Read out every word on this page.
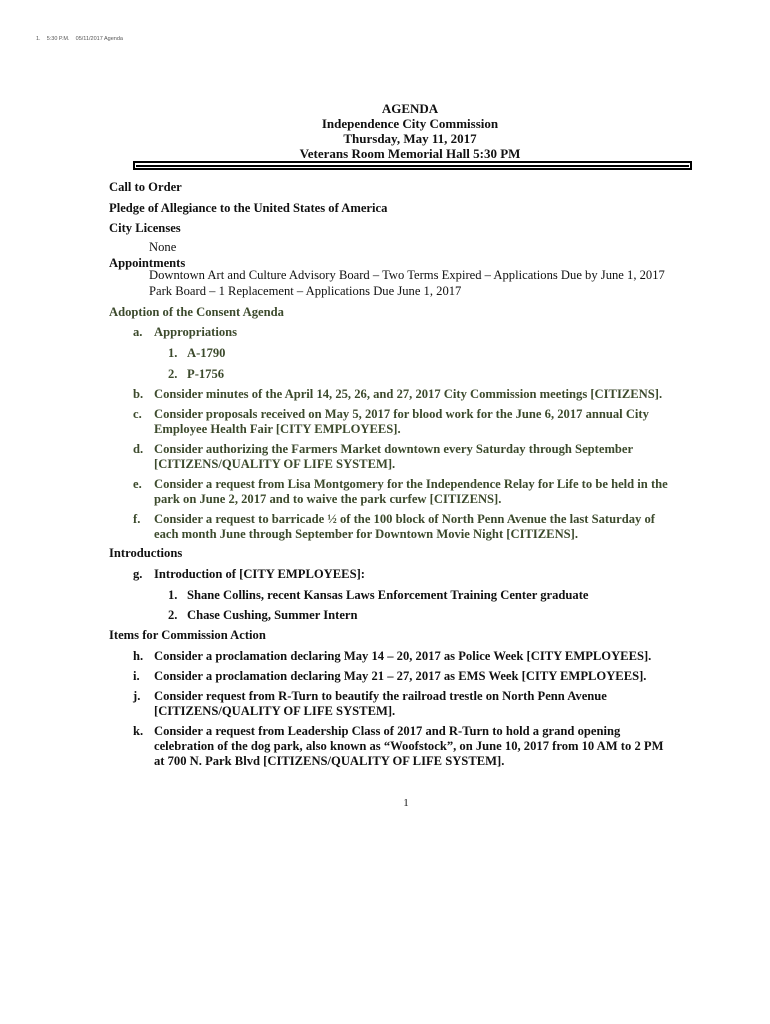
1.    5:30 P.M.    05/11/2017 Agenda
AGENDA
Independence City Commission
Thursday, May 11, 2017
Veterans Room Memorial Hall 5:30 PM
Call to Order
Pledge of Allegiance to the United States of America
City Licenses
None
Appointments
Downtown Art and Culture Advisory Board – Two Terms Expired – Applications Due by June 1, 2017
Park Board – 1 Replacement – Applications Due June 1, 2017
Adoption of the Consent Agenda
a. Appropriations
1. A-1790
2. P-1756
b. Consider minutes of the April 14, 25, 26, and 27, 2017 City Commission meetings [CITIZENS].
c. Consider proposals received on May 5, 2017 for blood work for the June 6, 2017 annual City
Employee Health Fair [CITY EMPLOYEES].
d. Consider authorizing the Farmers Market downtown every Saturday through September
[CITIZENS/QUALITY OF LIFE SYSTEM].
e. Consider a request from Lisa Montgomery for the Independence Relay for Life to be held in the
park on June 2, 2017 and to waive the park curfew [CITIZENS].
f. Consider a request to barricade ½ of the 100 block of North Penn Avenue the last Saturday of
each month June through September for Downtown Movie Night [CITIZENS].
Introductions
g. Introduction of [CITY EMPLOYEES]:
1. Shane Collins, recent Kansas Laws Enforcement Training Center graduate
2. Chase Cushing, Summer Intern
Items for Commission Action
h. Consider a proclamation declaring May 14 – 20, 2017 as Police Week [CITY EMPLOYEES].
i. Consider a proclamation declaring May 21 – 27, 2017 as EMS Week [CITY EMPLOYEES].
j. Consider request from R-Turn to beautify the railroad trestle on North Penn Avenue
[CITIZENS/QUALITY OF LIFE SYSTEM].
k. Consider a request from Leadership Class of 2017 and R-Turn to hold a grand opening
celebration of the dog park, also known as “Woofstock”, on June 10, 2017 from 10 AM to 2 PM
at 700 N. Park Blvd [CITIZENS/QUALITY OF LIFE SYSTEM].
1
